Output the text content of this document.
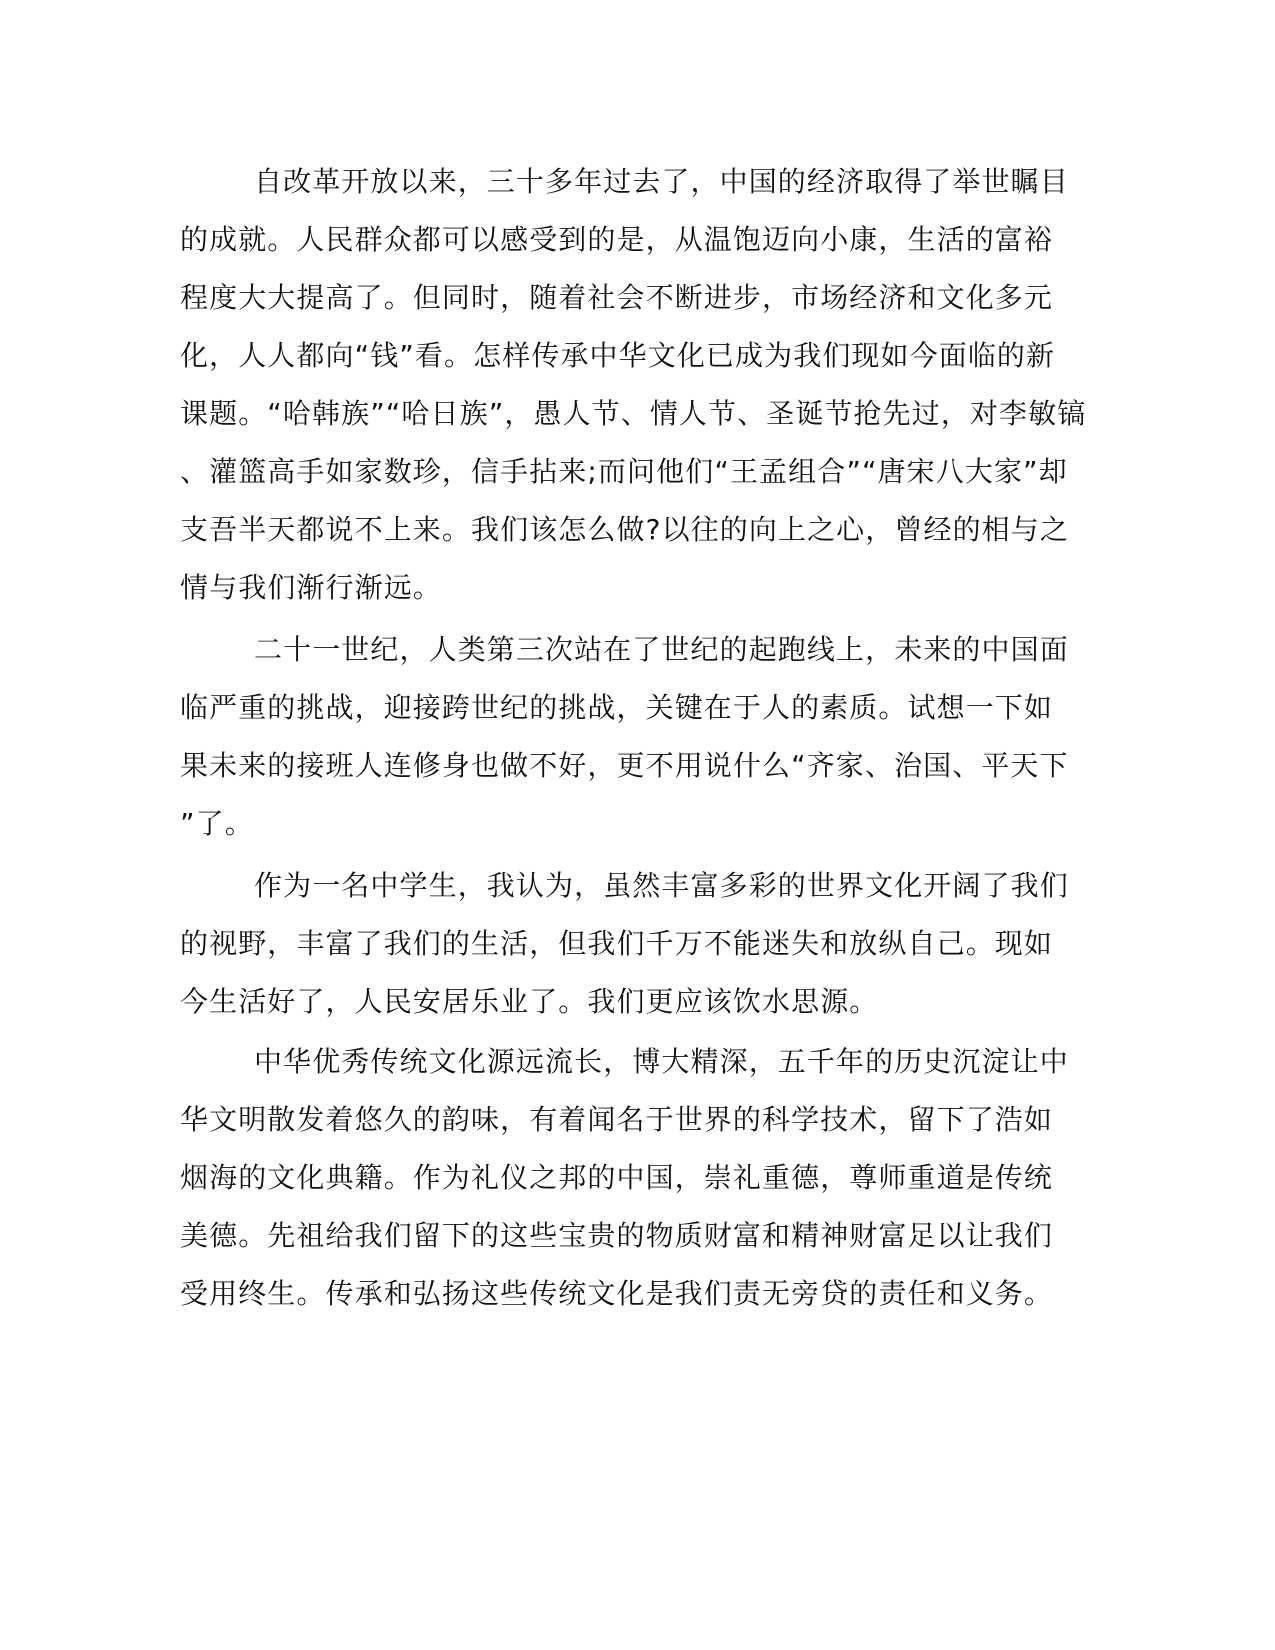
自改革开放以来，三十多年过去了，中国的经济取得了举世瞩目
的成就。人民群众都可以感受到的是，从温饱迈向小康，生活的富裕
程度大大提高了。但同时，随着社会不断进步，市场经济和文化多元
化，人人都向“钱”看。怎样传承中华文化已成为我们现如今面临的新
课题。“哈韩族”“哈日族”，愚人节、情人节、圣诞节抢先过，对李敏镐
、灌篮高手如家数珍，信手拈来;而问他们“王孟组合”“唐宋八大家”却
支吾半天都说不上来。我们该怎么做?以往的向上之心，曾经的相与之
情与我们渐行渐远。
二十一世纪，人类第三次站在了世纪的起跑线上，未来的中国面
临严重的挑战，迎接跨世纪的挑战，关键在于人的素质。试想一下如
果未来的接班人连修身也做不好，更不用说什么“齐家、治国、平天下
”了。
作为一名中学生，我认为，虽然丰富多彩的世界文化开阔了我们
的视野，丰富了我们的生活，但我们千万不能迷失和放纵自己。现如
今生活好了，人民安居乐业了。我们更应该饮水思源。
中华优秀传统文化源远流长，博大精深，五千年的历史沉淀让中
华文明散发着悠久的韵味，有着闻名于世界的科学技术，留下了浩如
烟海的文化典籍。作为礼仪之邦的中国，崇礼重德，尊师重道是传统
美德。先祖给我们留下的这些宝贵的物质财富和精神财富足以让我们
受用终生。传承和弘扬这些传统文化是我们责无旁贷的责任和义务。
